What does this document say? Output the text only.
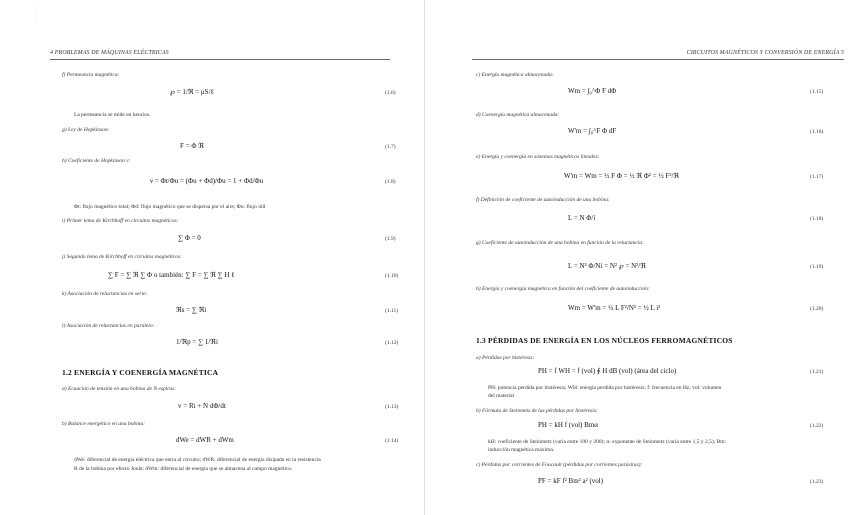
·
·
·
·
·
4 PROBLEMAS DE MÁQUINAS ELÉCTRICAS
f) Permeancia magnética:
℘ = 1/ℜ = μS/ℓ	(1.6)
La permeancia se mide en henrios.
g) Ley de Hopkinson:
F = Φ ℜ	(1.7)
h) Coeficiente de Hopkinson ν:
ν = Φt/Φu = (Φu + Φd)/Φu = 1 + Φd/Φu	(1.8)
Φt: flujo magnético total; Φd: flujo magnético que se dispersa por el aire; Φu: flujo útil
i) Primer lema de Kirchhoff en circuitos magnéticos:
∑ Φ = 0	(1.9)
j) Segundo lema de Kirchhoff en circuitos magnéticos:
∑ F = ∑ ℜ ∑ Φ o también: ∑ F = ∑ ℜ ∑ H ℓ	(1.10)
k) Asociación de reluctancias en serie:
ℜs = ∑ ℜi	(1.11)
l) Asociación de reluctancias en paralelo:
1/ℜp = ∑ 1/ℜi	(1.12)
1.2 ENERGÍA Y COENERGÍA MAGNÉTICA
a) Ecuación de tensión en una bobina de N espiras:
v = Ri + N dΦ/dt	(1.13)
b) Balance energético en una bobina:
dWe = dWR + dWm	(1.14)
dWe: diferencial de energía eléctrica que entra al circuito; dWR: diferencial de energía disipada en la resistencia
R de la bobina por efecto Joule; dWm: diferencial de energía que se almacena al campo magnético.
CIRCUITOS MAGNÉTICOS Y CONVERSIÓN DE ENERGÍA 5
c) Energía magnética almacenada:
Wm = ∫₀^Φ F dΦ	(1.15)
d) Coenergía magnética almacenada:
W'm = ∫₀^F Φ dF	(1.16)
e) Energía y coenergía en sistemas magnéticos lineales:
W'm = Wm = ½ F Φ = ½ ℜ Φ² = ½ F²/ℜ	(1.17)
f) Definición de coeficiente de autoinducción de una bobina:
L = N Φ/i	(1.18)
g) Coeficiente de autoinducción de una bobina en función de la reluctancia:
L = N² Φ/Ni = N² ℘ = N²/ℜ	(1.19)
h) Energía y coenergía magnética en función del coeficiente de autoinducción:
Wm = W'm = ½ L F²/N² = ½ L i²	(1.20)
1.3 PÉRDIDAS DE ENERGÍA EN LOS NÚCLEOS FERROMAGNÉTICOS
a) Pérdidas por histéresis:
PH = f WH = f (vol) ∮ H dB (vol) (área del ciclo)	(1.21)
PH: potencia perdida por histéresis; WH: energía perdida por histéresis; f: frecuencia en Hz; vol: volumen
del material
b) Fórmula de Steinmetz de las pérdidas por histéresis:
PH = kH f (vol) Bmα	(1.22)
kH: coeficiente de Steinmetz (varía entre 100 y 200); α: exponente de Steinmetz (varía entre 1,5 y 2,5); Bm:
inducción magnética máxima.
c) Pérdidas por corrientes de Foucault (pérdidas por corrientes parásitas):
PF = kF f² Bm² a² (vol)	(1.23)
